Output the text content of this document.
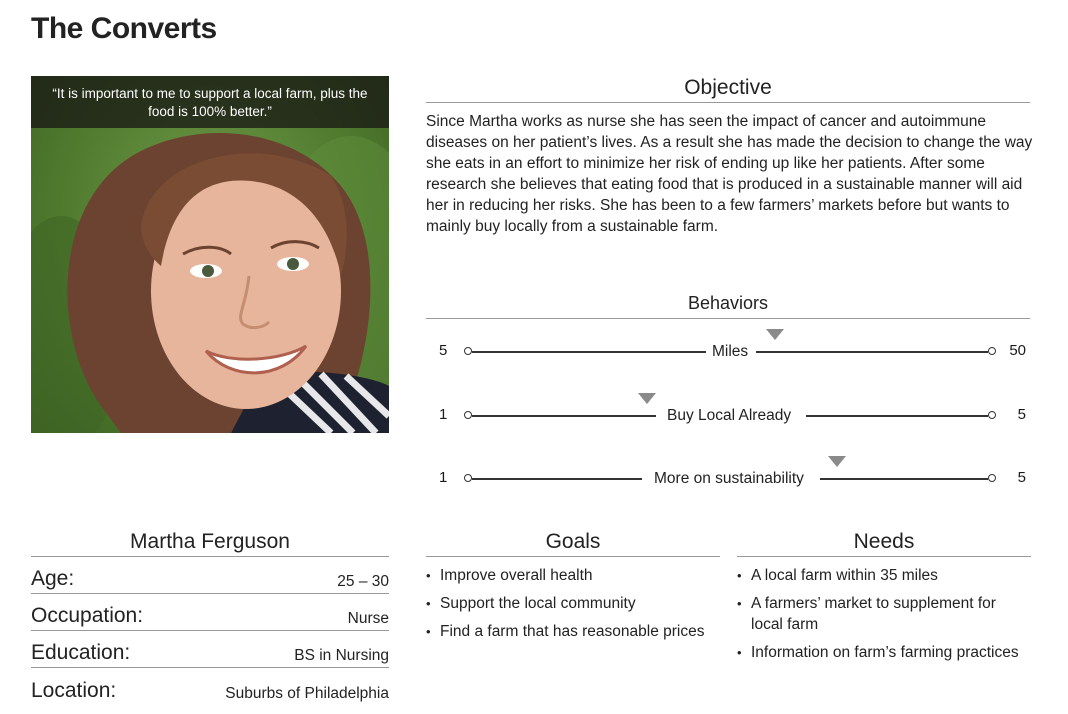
The Converts
“It is important to me to support a local farm, plus the food is 100% better.”
Objective
Since Martha works as nurse she has seen the impact of cancer and autoimmune diseases on her patient’s lives. As a result she has made the decision to change the way she eats in an effort to minimize her risk of ending up like her patients. After some research she believes that eating food that is produced in a sustainable manner will aid her in reducing her risks. She has been to a few farmers’ markets before but wants to mainly buy locally from a sustainable farm.
Behaviors
5	Miles	50
1	Buy Local Already	5
1	More on sustainability	5
Martha Ferguson
Age:	25 – 30
Occupation:	Nurse
Education:	BS in Nursing
Location:	Suburbs of Philadelphia
Goals
• Improve overall health
• Support the local community
• Find a farm that has reasonable prices
Needs
• A local farm within 35 miles
• A farmers’ market to supplement for local farm
• Information on farm’s farming practices
